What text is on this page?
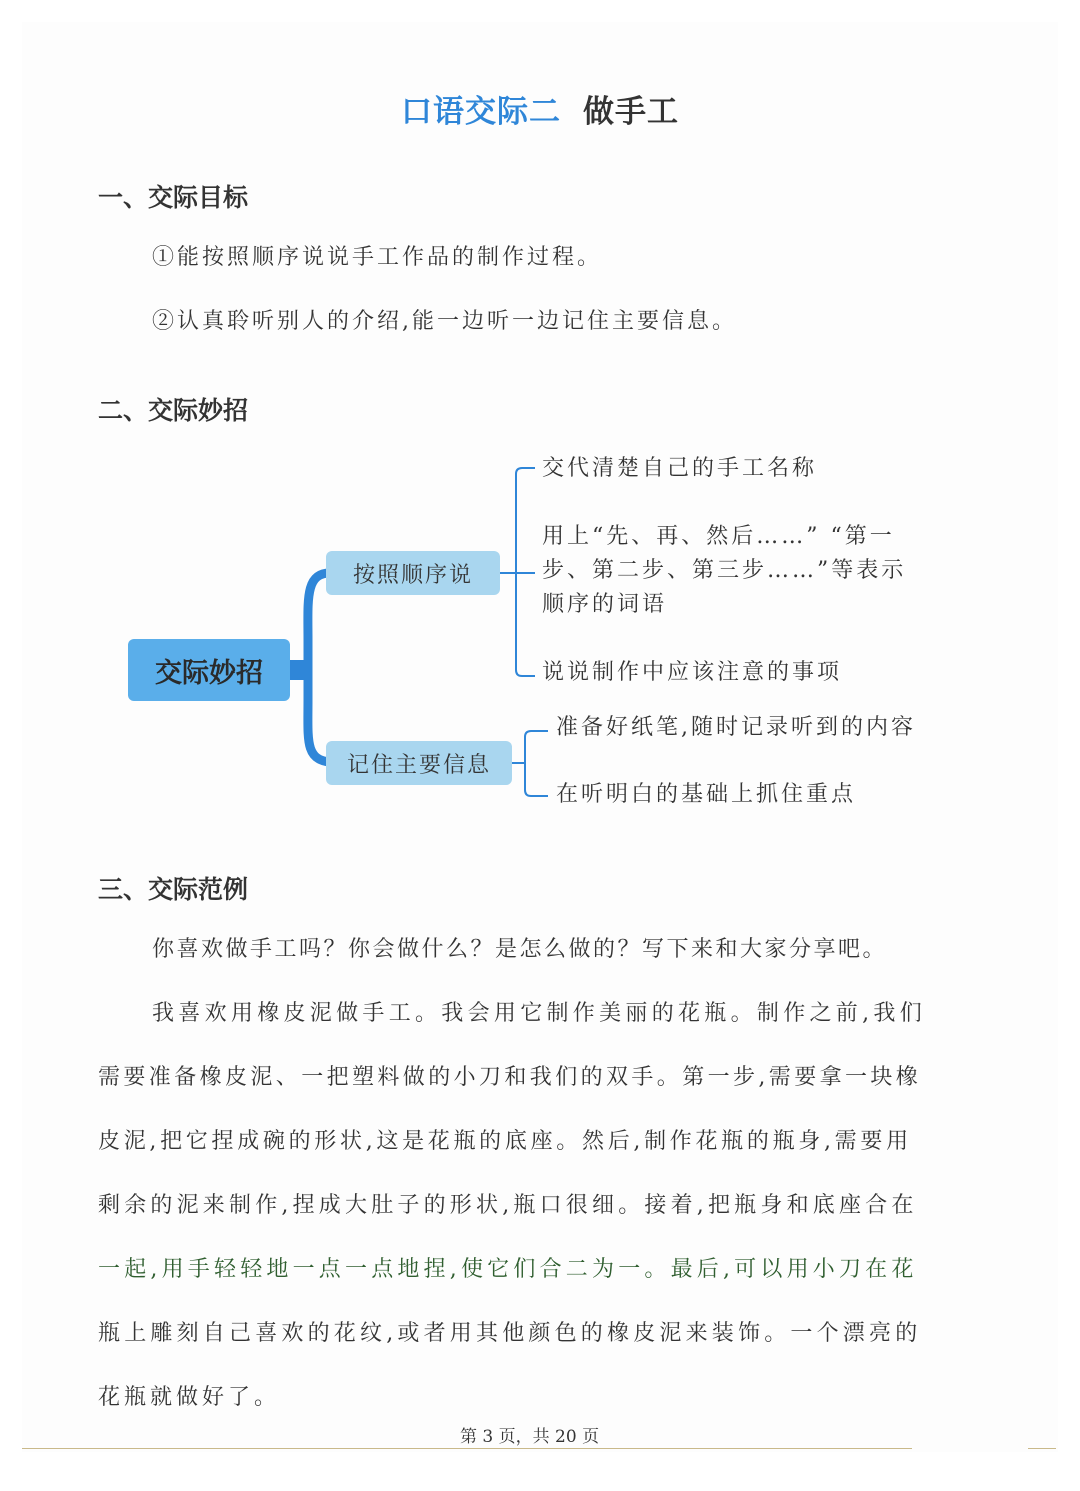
口语交际二 做手工
一、交际目标
①能按照顺序说说手工作品的制作过程。
②认真聆听别人的介绍,能一边听一边记住主要信息。
二、交际妙招
交际妙招
按照顺序说
记住主要信息
交代清楚自己的手工名称
用上“先、再、然后……” “第一
步、第二步、第三步……”等表示
顺序的词语
说说制作中应该注意的事项
准备好纸笔,随时记录听到的内容
在听明白的基础上抓住重点
三、交际范例
你喜欢做手工吗？你会做什么？是怎么做的？写下来和大家分享吧。
我喜欢用橡皮泥做手工。我会用它制作美丽的花瓶。制作之前,我们
需要准备橡皮泥、一把塑料做的小刀和我们的双手。第一步,需要拿一块橡
皮泥,把它捏成碗的形状,这是花瓶的底座。然后,制作花瓶的瓶身,需要用
剩余的泥来制作,捏成大肚子的形状,瓶口很细。接着,把瓶身和底座合在
一起,用手轻轻地一点一点地捏,使它们合二为一。最后,可以用小刀在花
瓶上雕刻自己喜欢的花纹,或者用其他颜色的橡皮泥来装饰。一个漂亮的
花瓶就做好了。
第 3 页，共 20 页
